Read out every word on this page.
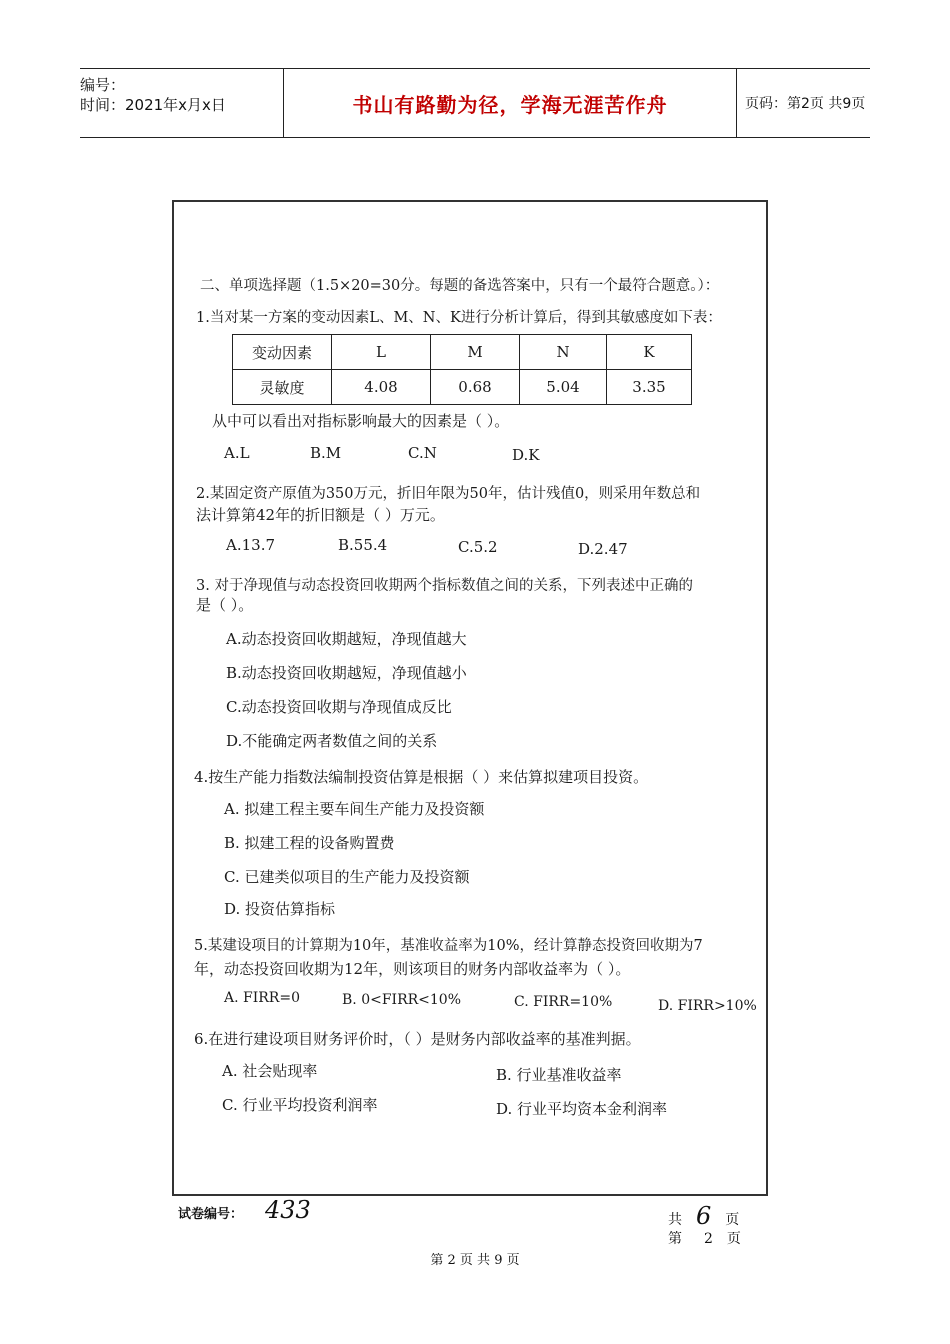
编号：
时间：2021年x月x日	书山有路勤为径，学海无涯苦作舟	页码：第2页 共9页
二、单项选择题（1.5×20=30分。每题的备选答案中，只有一个最符合题意。）：
1.当对某一方案的变动因素L、M、N、K进行分析计算后，得到其敏感度如下表：
变动因素	L	M	N	K
灵敏度	4.08	0.68	5.04	3.35
从中可以看出对指标影响最大的因素是（ ）。
A.L	B.M	C.N	D.K
2.某固定资产原值为350万元，折旧年限为50年，估计残值0，则采用年数总和
法计算第42年的折旧额是（ ）万元。
A.13.7	B.55.4	C.5.2	D.2.47
3. 对于净现值与动态投资回收期两个指标数值之间的关系，下列表述中正确的
是（ ）。
A.动态投资回收期越短，净现值越大
B.动态投资回收期越短，净现值越小
C.动态投资回收期与净现值成反比
D.不能确定两者数值之间的关系
4.按生产能力指数法编制投资估算是根据（ ）来估算拟建项目投资。
A. 拟建工程主要车间生产能力及投资额
B. 拟建工程的设备购置费
C. 已建类似项目的生产能力及投资额
D. 投资估算指标
5.某建设项目的计算期为10年，基准收益率为10%，经计算静态投资回收期为7
年，动态投资回收期为12年，则该项目的财务内部收益率为（ ）。
A. FIRR=0	B. 0<FIRR<10%	C. FIRR=10%	D. FIRR>10%
6.在进行建设项目财务评价时，（ ）是财务内部收益率的基准判据。
A. 社会贴现率	B. 行业基准收益率
C. 行业平均投资利润率	D. 行业平均资本金利润率
试卷编号： 433	共 6 页
第 2 页
第 2 页 共 9 页
